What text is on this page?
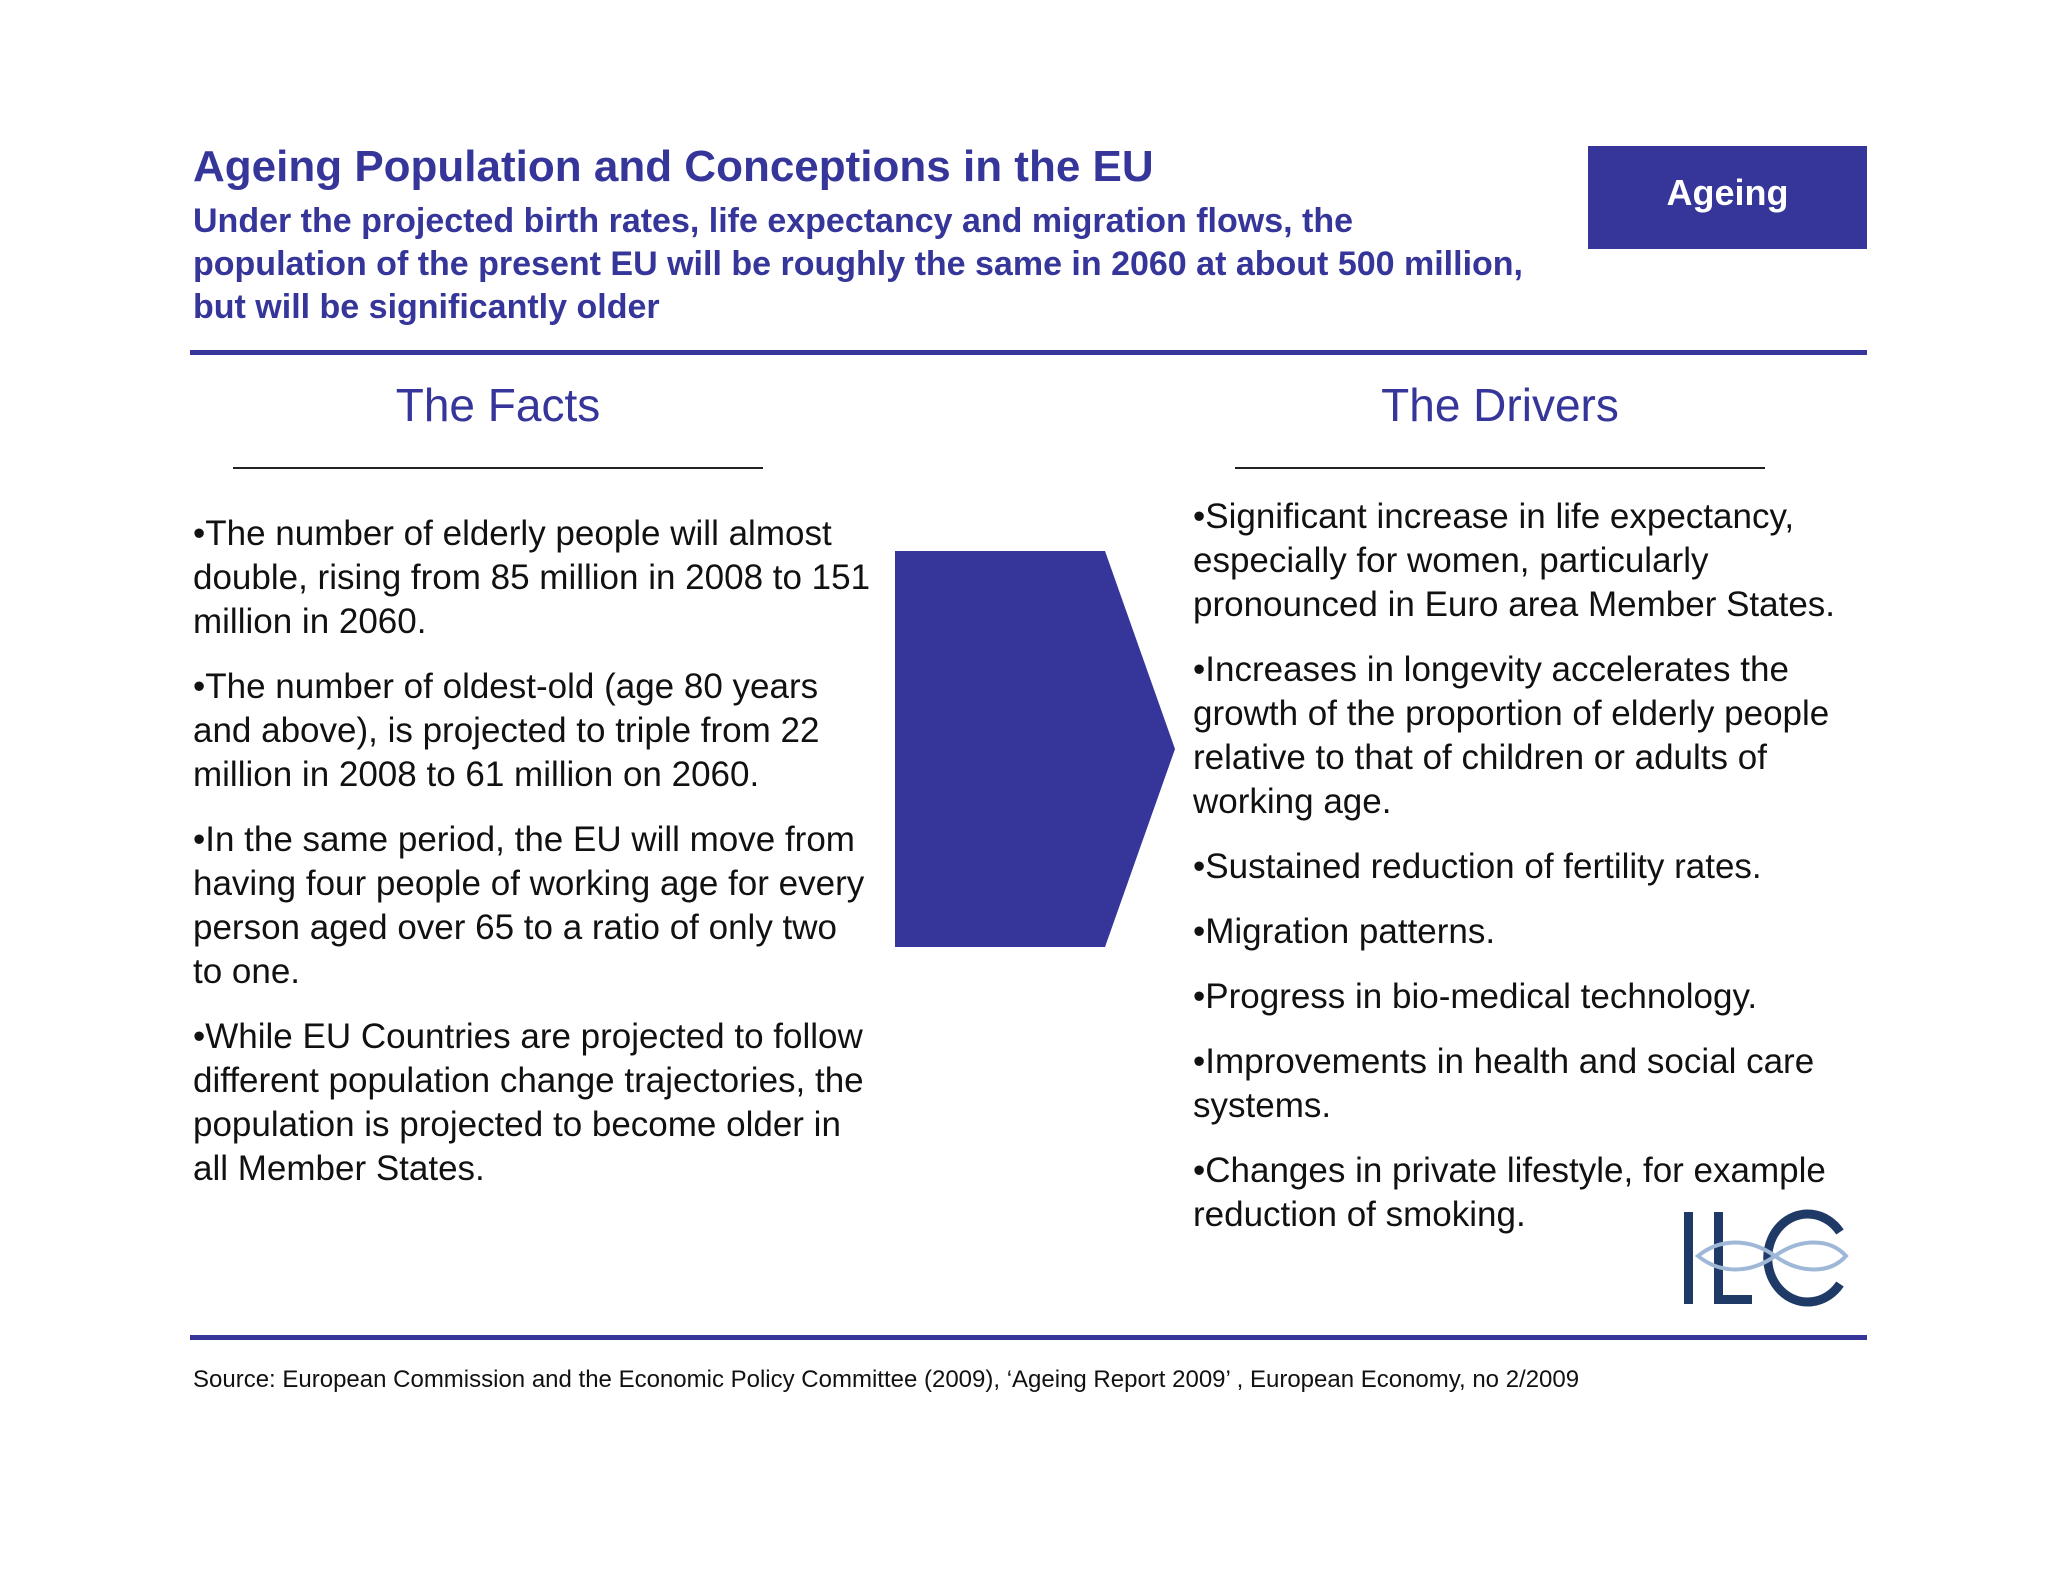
Ageing Population and Conceptions in the EU
Under the projected birth rates, life expectancy and migration flows, the population of the present EU will be roughly the same in 2060 at about 500 million, but will be significantly older
Ageing
The Facts	The Drivers
•The number of elderly people will almost double, rising from 85 million in 2008 to 151 million in 2060.
•The number of oldest-old (age 80 years and above), is projected to triple from 22 million in 2008 to 61 million on 2060.
•In the same period, the EU will move from having four people of working age for every person aged over 65 to a ratio of only two to one.
•While EU Countries are projected to follow different population change trajectories, the population is projected to become older in all Member States.
•Significant increase in life expectancy, especially for women, particularly pronounced in Euro area Member States.
•Increases in longevity accelerates the growth of the proportion of elderly people relative to that of children or adults of working age.
•Sustained reduction of fertility rates.
•Migration patterns.
•Progress in bio-medical technology.
•Improvements in health and social care systems.
•Changes in private lifestyle, for example reduction of smoking.
Source: European Commission and the Economic Policy Committee (2009), ‘Ageing Report 2009’ , European Economy, no 2/2009
